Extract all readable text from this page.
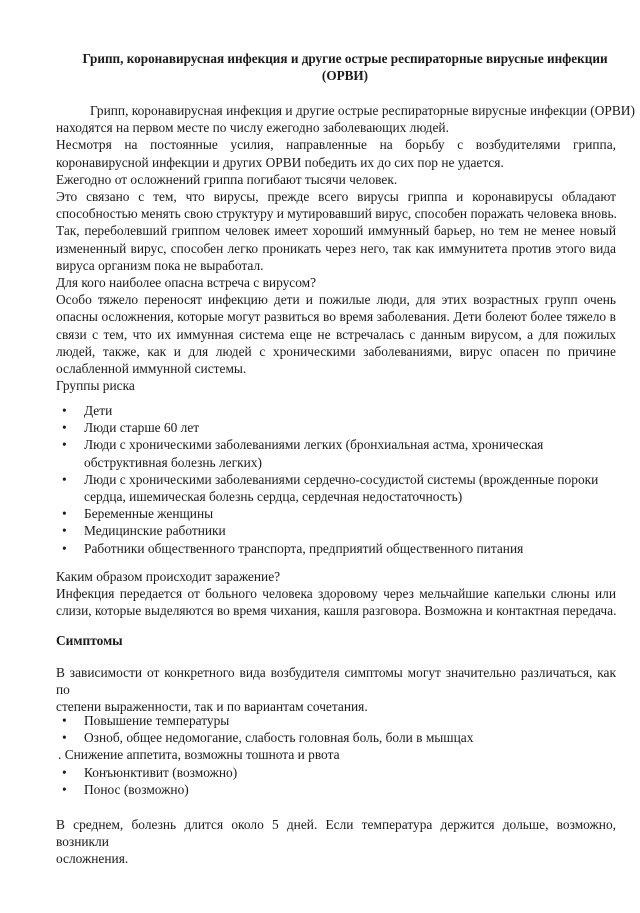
Грипп, коронавирусная инфекция и другие острые респираторные вирусные инфекции
(ОРВИ)
Грипп, коронавирусная инфекция и другие острые респираторные вирусные инфекции (ОРВИ)
находятся на первом месте по числу ежегодно заболевающих людей.
Несмотря на постоянные усилия, направленные на борьбу с возбудителями гриппа,
коронавирусной инфекции и других ОРВИ победить их до сих пор не удается.
Ежегодно от осложнений гриппа погибают тысячи человек.
Это связано с тем, что вирусы, прежде всего вирусы гриппа и коронавирусы обладают
способностью менять свою структуру и мутировавший вирус, способен поражать человека вновь.
Так, переболевший гриппом человек имеет хороший иммунный барьер, но тем не менее новый
измененный вирус, способен легко проникать через него, так как иммунитета против этого вида
вируса организм пока не выработал.
Для кого наиболее опасна встреча с вирусом?
Особо тяжело переносят инфекцию дети и пожилые люди, для этих возрастных групп очень
опасны осложнения, которые могут развиться во время заболевания. Дети болеют более тяжело в
связи с тем, что их иммунная система еще не встречалась с данным вирусом, а для пожилых
людей, также, как и для людей с хроническими заболеваниями, вирус опасен по причине
ослабленной иммунной системы.
Группы риска
• Дети
• Люди старше 60 лет
• Люди с хроническими заболеваниями легких (бронхиальная астма, хроническая обструктивная болезнь легких)
• Люди с хроническими заболеваниями сердечно-сосудистой системы (врожденные пороки сердца, ишемическая болезнь сердца, сердечная недостаточность)
• Беременные женщины
• Медицинские работники
• Работники общественного транспорта, предприятий общественного питания
Каким образом происходит заражение?
Инфекция передается от больного человека здоровому через мельчайшие капельки слюны или
слизи, которые выделяются во время чихания, кашля разговора. Возможна и контактная передача.
Симптомы
В зависимости от конкретного вида возбудителя симптомы могут значительно различаться, как по
степени выраженности, так и по вариантам сочетания.
• Повышение температуры
• Озноб, общее недомогание, слабость головная боль, боли в мышцах
. Снижение аппетита, возможны тошнота и рвота
• Конъюнктивит (возможно)
• Понос (возможно)
В среднем, болезнь длится около 5 дней. Если температура держится дольше, возможно, возникли
осложнения.
